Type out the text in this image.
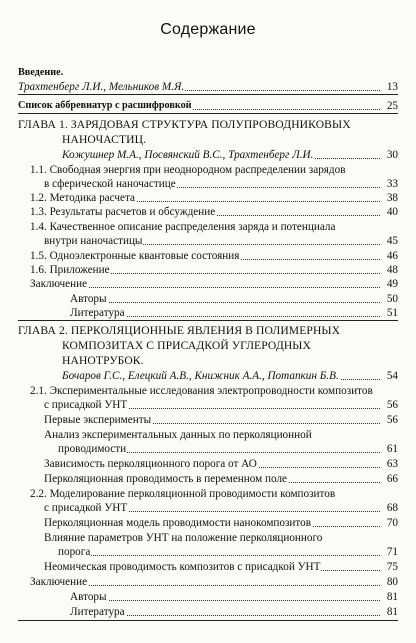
Содержание
Введение.
Трахтенберг Л.И., Мельников М.Я.	13
Список аббревиатур с расшифровкой	25
ГЛАВА 1. ЗАРЯДОВАЯ СТРУКТУРА ПОЛУПРОВОДНИКОВЫХ
НАНОЧАСТИЦ.
Кожушнер М.А., Посвянский В.С., Трахтенберг Л.И.	30
1.1. Свободная энергия при неоднородном распределении зарядов
в сферической наночастице	33
1.2. Методика расчета	38
1.3. Результаты расчетов и обсуждение	40
1.4. Качественное описание распределения заряда и потенциала
внутри наночастицы	45
1.5. Одноэлектронные квантовые состояния	46
1.6. Приложение	48
Заключение	49
Авторы	50
Литература	51
ГЛАВА 2. ПЕРКОЛЯЦИОННЫЕ ЯВЛЕНИЯ В ПОЛИМЕРНЫХ
КОМПОЗИТАХ С ПРИСАДКОЙ УГЛЕРОДНЫХ
НАНОТРУБОК.
Бочаров Г.С., Елецкий А.В., Книжник А.А., Потапкин Б.В.	54
2.1. Экспериментальные исследования электропроводности композитов
с присадкой УНТ	56
Первые эксперименты	56
Анализ экспериментальных данных по перколяционной
проводимости	61
Зависимость перколяционного порога от АО	63
Перколяционная проводимость в переменном поле	66
2.2. Моделирование перколяционной проводимости композитов
с присадкой УНТ	68
Перколяционная модель проводимости нанокомпозитов	70
Влияние параметров УНТ на положение перколяционного
порога	71
Неомическая проводимость композитов с присадкой УНТ	75
Заключение	80
Авторы	81
Литература	81
